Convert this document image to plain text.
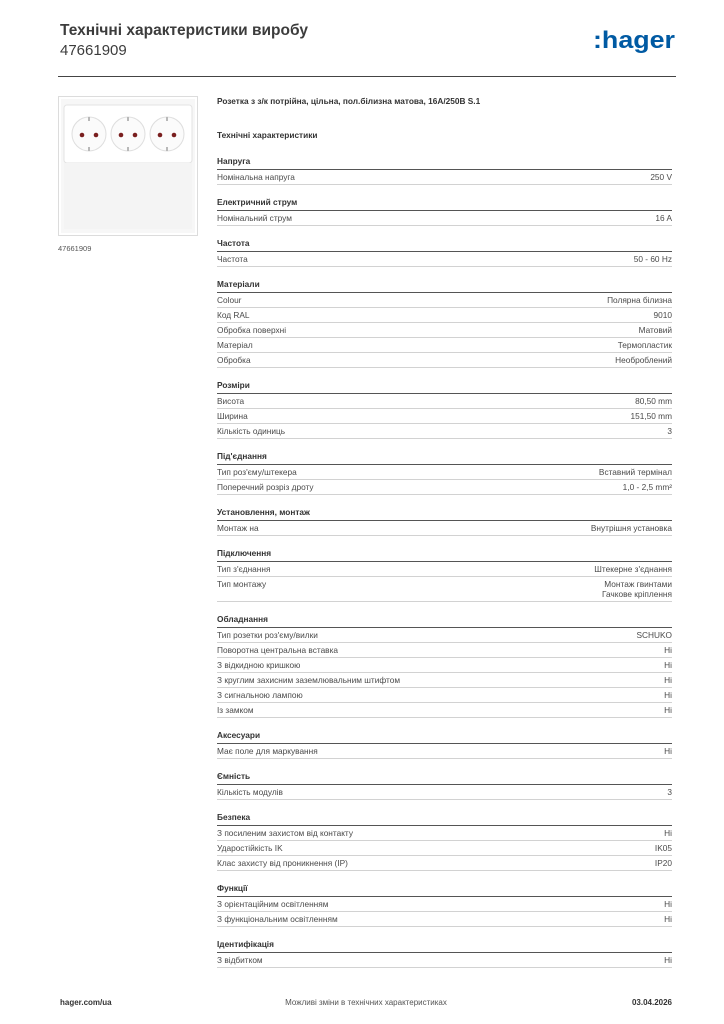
Технічні характеристики виробу
47661909	:hager
47661909
Розетка з з/к потрійна, цільна, пол.білизна матова, 16А/250В S.1
Технічні характеристики
Напруга
Номінальна напруга	250 V
Електричний струм
Номінальний струм	16 A
Частота
Частота	50 - 60 Hz
Матеріали
Colour	Полярна білизна
Код RAL	9010
Обробка поверхні	Матовий
Матеріал	Термопластик
Обробка	Необроблений
Розміри
Висота	80,50 mm
Ширина	151,50 mm
Кількість одиниць	3
Під'єднання
Тип роз'єму/штекера	Вставний термінал
Поперечний розріз дроту	1,0 - 2,5 mm²
Установлення, монтаж
Монтаж на	Внутрішня установка
Підключення
Тип з'єднання	Штекерне з'єднання
Тип монтажу	Монтаж гвинтами
Гачкове кріплення
Обладнання
Тип розетки роз'єму/вилки	SCHUKO
Поворотна центральна вставка	Ні
З відкидною кришкою	Ні
З круглим захисним заземлювальним штифтом	Ні
З сигнальною лампою	Ні
Із замком	Ні
Аксесуари
Має поле для маркування	Ні
Ємність
Кількість модулів	3
Безпека
З посиленим захистом від контакту	Ні
Ударостійкість IK	IK05
Клас захисту від проникнення (IP)	IP20
Функції
З орієнтаційним освітленням	Ні
З функціональним освітленням	Ні
Ідентифікація
З відбитком	Ні
hager.com/ua	Можливі зміни в технічних характеристиках	03.04.2026
